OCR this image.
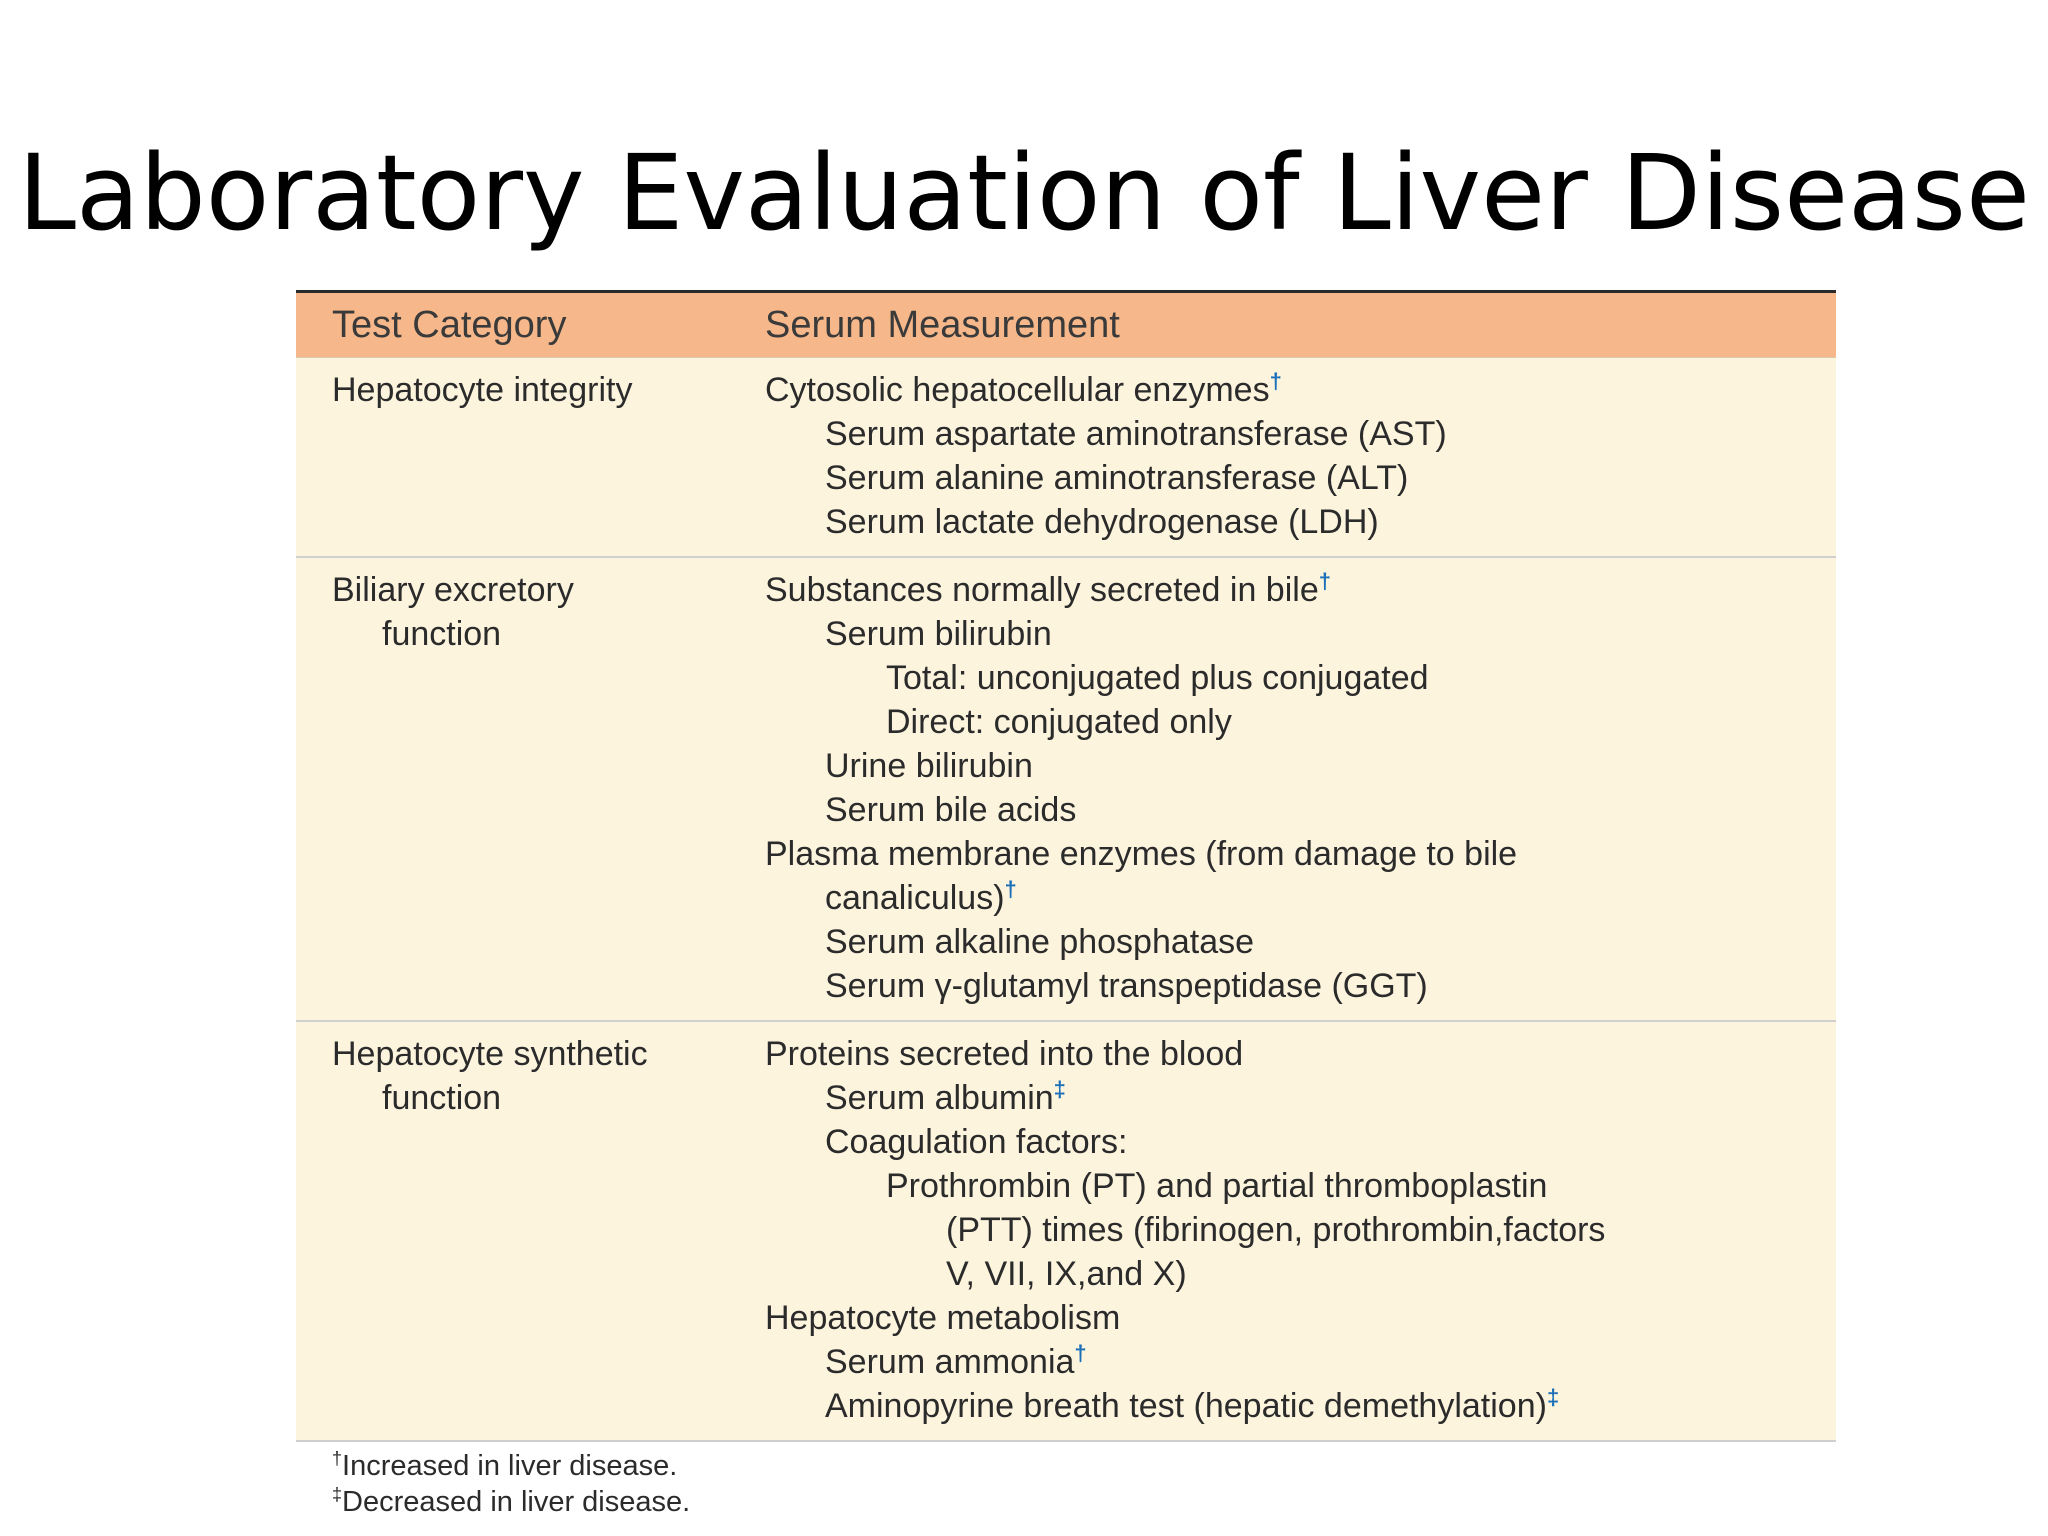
Laboratory Evaluation of Liver Disease
Test Category	Serum Measurement
Hepatocyte integrity	Cytosolic hepatocellular enzymes†
Serum aspartate aminotransferase (AST)
Serum alanine aminotransferase (ALT)
Serum lactate dehydrogenase (LDH)
Biliary excretory
function
Substances normally secreted in bile†
Serum bilirubin
Total: unconjugated plus conjugated
Direct: conjugated only
Urine bilirubin
Serum bile acids
Plasma membrane enzymes (from damage to bile
canaliculus)†
Serum alkaline phosphatase
Serum γ-glutamyl transpeptidase (GGT)
Hepatocyte synthetic
function
Proteins secreted into the blood
Serum albumin‡
Coagulation factors:
Prothrombin (PT) and partial thromboplastin
(PTT) times (fibrinogen, prothrombin,factors
V, VII, IX,and X)
Hepatocyte metabolism
Serum ammonia†
Aminopyrine breath test (hepatic demethylation)‡
†Increased in liver disease.
‡Decreased in liver disease.
